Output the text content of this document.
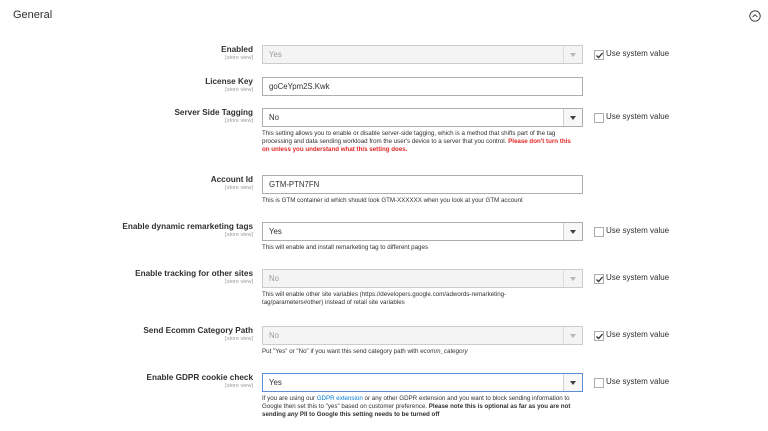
General
Enabled
[store view] Yes	Use system value
License Key
[store view] goCeYpm2S.Kwk
Server Side Tagging
[store view] No	Use system value
This setting allows you to enable or disable server-side tagging, which is a method that shifts part of the tag processing and data sending workload from the user's device to a server that you control. Please don't turn this on unless you understand what this setting does.
Account Id
[store view] GTM-PTN7FN
This is GTM container id which should look GTM-XXXXXX when you look at your GTM account
Enable dynamic remarketing tags
[store view] Yes	Use system value
This will enable and install remarketing tag to different pages
Enable tracking for other sites
[store view] No	Use system value
This will enable other site variables (https://developers.google.com/adwords-remarketing-tag/parameters#other) instead of retail site variables
Send Ecomm Category Path
[store view] No	Use system value
Put "Yes" or "No" if you want this send category path with ecomm_category
Enable GDPR cookie check
[store view] Yes	Use system value
If you are using our GDPR extension or any other GDPR extension and you want to block sending information to Google then set this to "yes" based on customer preference. Please note this is optional as far as you are not sending any PII to Google this setting needs to be turned off
